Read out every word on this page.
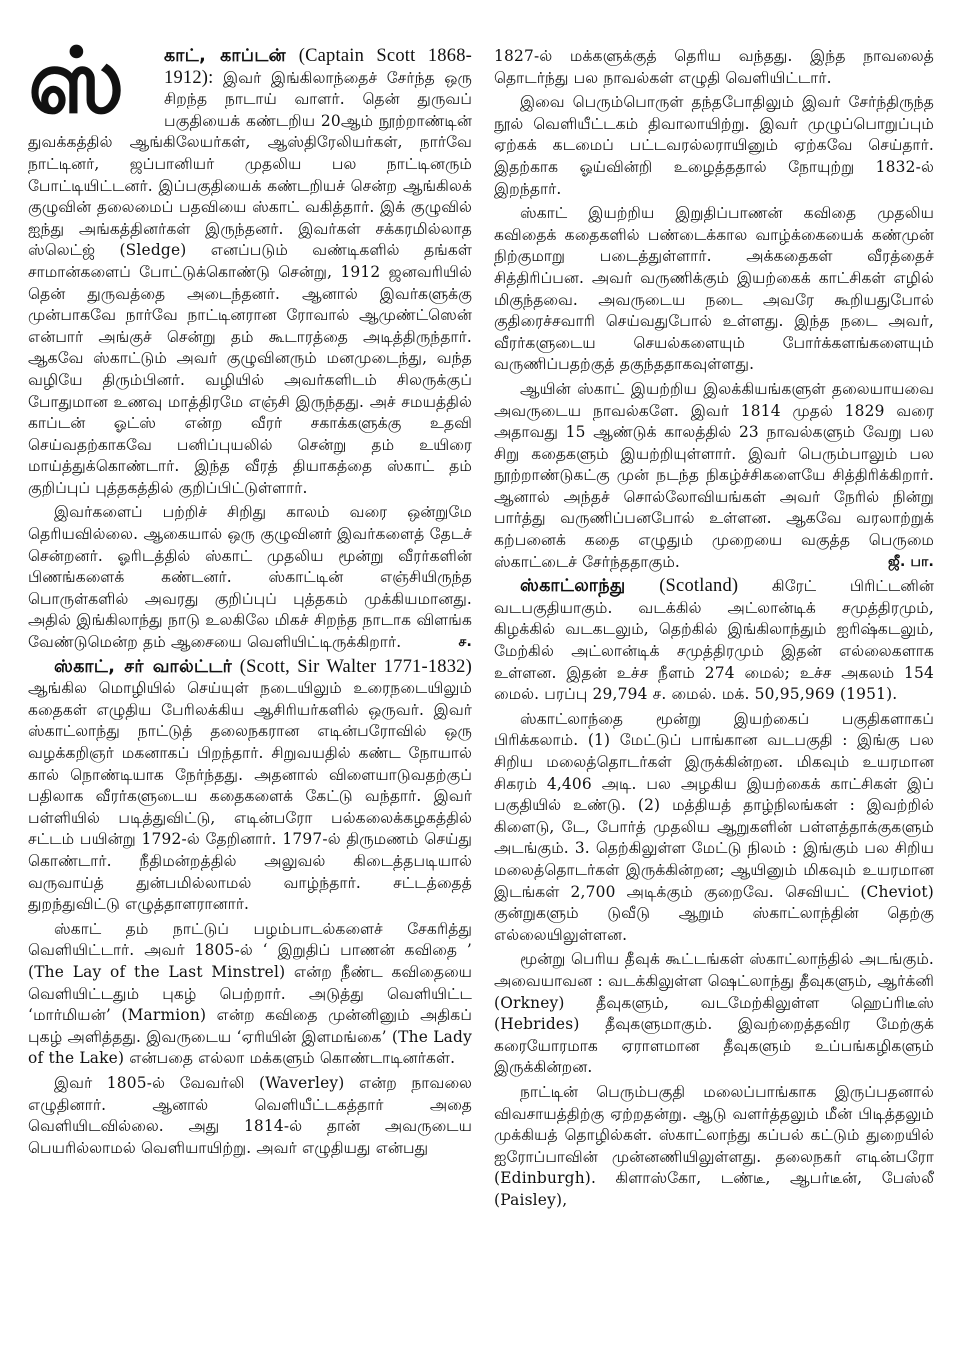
ஸ்	காட், காப்டன் (Captain Scott 1868-1912): இவர் இங்கிலாந்தைச் சேர்ந்த ஒரு சிறந்த நாடாய் வாளர். தென் துருவப் பகுதியைக் கண்டறிய 20ஆம் நூற்றாண்டின் துவக்கத்தில் ஆங்கிலேயர்கள், ஆஸ்திரேலியர்கள், நார்வே நாட்டினர், ஜப்பானியர் முதலிய பல நாட்டினரும் போட்டியிட்டனர். இப்பகுதியைக் கண்டறியச் சென்ற ஆங்கிலக் குழுவின் தலைமைப் பதவியை ஸ்காட் வகித்தார். இக் குழுவில் ஐந்து அங்கத்தினர்கள் இருந்தனர். இவர்கள் சக்கரமில்லாத ஸ்லெட்ஜ் (Sledge) எனப்படும் வண்டிகளில் தங்கள் சாமான்களைப் போட்டுக்கொண்டு சென்று, 1912 ஜனவரியில் தென் துருவத்தை அடைந்தனர். ஆனால் இவர்களுக்கு முன்பாகவே நார்வே நாட்டினரான ரோவால் ஆமுண்ட்ஸென் என்பார் அங்குச் சென்று தம் கூடாரத்தை அடித்திருந்தார். ஆகவே ஸ்காட்டும் அவர் குழுவினரும் மனமுடைந்து, வந்த வழியே திரும்பினர். வழியில் அவர்களிடம் சிலருக்குப் போதுமான உணவு மாத்திரமே எஞ்சி இருந்தது. அச் சமயத்தில் காப்டன் ஓட்ஸ் என்ற வீரர் சகாக்களுக்கு உதவி செய்வதற்காகவே பனிப்புயலில் சென்று தம் உயிரை மாய்த்துக்கொண்டார். இந்த வீரத் தியாகத்தை ஸ்காட் தம் குறிப்புப் புத்தகத்தில் குறிப்பிட்டுள்ளார்.

இவர்களைப் பற்றிச் சிறிது காலம் வரை ஒன்றுமே தெரியவில்லை. ஆகையால் ஒரு குழுவினர் இவர்களைத் தேடச் சென்றனர். ஓரிடத்தில் ஸ்காட் முதலிய மூன்று வீரர்களின் பிணங்களைக் கண்டனர். ஸ்காட்டின் எஞ்சியிருந்த பொருள்களில் அவரது குறிப்புப் புத்தகம் முக்கியமானது. அதில் இங்கிலாந்து நாடு உலகிலே மிகச் சிறந்த நாடாக விளங்க வேண்டுமென்ற தம் ஆசையை வெளியிட்டிருக்கிறார்.	ச.

ஸ்காட், சர் வால்ட்டர் (Scott, Sir Walter 1771-1832) ஆங்கில மொழியில் செய்யுள் நடையிலும் உரைநடையிலும் கதைகள் எழுதிய பேரிலக்கிய ஆசிரியர்களில் ஒருவர். இவர் ஸ்காட்லாந்து நாட்டுத் தலைநகரான எடின்பரோவில் ஒரு வழக்கறிஞர் மகனாகப் பிறந்தார். சிறுவயதில் கண்ட நோயால் கால் நொண்டியாக நேர்ந்தது. அதனால் விளையாடுவதற்குப் பதிலாக வீரர்களுடைய கதைகளைக் கேட்டு வந்தார். இவர் பள்ளியில் படித்துவிட்டு, எடின்பரோ பல்கலைக்கழகத்தில் சட்டம் பயின்று 1792-ல் தேறினார். 1797-ல் திருமணம் செய்து கொண்டார். நீதிமன்றத்தில் அலுவல் கிடைத்தபடியால் வருவாய்த் துன்பமில்லாமல் வாழ்ந்தார். சட்டத்தைத் துறந்துவிட்டு எழுத்தாளரானார்.

ஸ்காட் தம் நாட்டுப் பழம்பாடல்களைச் சேகரித்து வெளியிட்டார். அவர் 1805-ல் ‘ இறுதிப் பாணன் கவிதை ’ (The Lay of the Last Minstrel) என்ற நீண்ட கவிதையை வெளியிட்டதும் புகழ் பெற்றார். அடுத்து வெளியிட்ட ‘மார்மியன்’ (Marmion) என்ற கவிதை முன்னினும் அதிகப் புகழ் அளித்தது. இவருடைய ‘ஏரியின் இளமங்கை’ (The Lady of the Lake) என்பதை எல்லா மக்களும் கொண்டாடினர்கள்.

இவர் 1805-ல் வேவர்லி (Waverley) என்ற நாவலை எழுதினார். ஆனால் வெளியீட்டகத்தார் அதை வெளியிடவில்லை. அது 1814-ல் தான் அவருடைய பெயரில்லாமல் வெளியாயிற்று. அவர் எழுதியது என்பது

1827-ல் மக்களுக்குத் தெரிய வந்தது. இந்த நாவலைத் தொடர்ந்து பல நாவல்கள் எழுதி வெளியிட்டார்.

இவை பெரும்பொருள் தந்தபோதிலும் இவர் சேர்ந்திருந்த நூல் வெளியீட்டகம் திவாலாயிற்று. இவர் முழுப்பொறுப்பும் ஏற்கக் கடமைப் பட்டவரல்லராயினும் ஏற்கவே செய்தார். இதற்காக ஓய்வின்றி உழைத்ததால் நோயுற்று 1832-ல் இறந்தார்.

ஸ்காட் இயற்றிய இறுதிப்பாணன் கவிதை முதலிய கவிதைக் கதைகளில் பண்டைக்கால வாழ்க்கையைக் கண்முன் நிற்குமாறு படைத்துள்ளார். அக்கதைகள் வீரத்தைச் சித்திரிப்பன. அவர் வருணிக்கும் இயற்கைக் காட்சிகள் எழில் மிகுந்தவை. அவருடைய நடை அவரே கூறியதுபோல் குதிரைச்சவாரி செய்வதுபோல் உள்ளது. இந்த நடை அவர், வீரர்களுடைய செயல்களையும் போர்க்களங்களையும் வருணிப்பதற்குத் தகுந்ததாகவுள்ளது.

ஆயின் ஸ்காட் இயற்றிய இலக்கியங்களுள் தலையாயவை அவருடைய நாவல்களே. இவர் 1814 முதல் 1829 வரை அதாவது 15 ஆண்டுக் காலத்தில் 23 நாவல்களும் வேறு பல சிறு கதைகளும் இயற்றியுள்ளார். இவர் பெரும்பாலும் பல நூற்றாண்டுகட்கு முன் நடந்த நிகழ்ச்சிகளையே சித்திரிக்கிறார். ஆனால் அந்தச் சொல்லோவியங்கள் அவர் நேரில் நின்று பார்த்து வருணிப்பனபோல் உள்ளன. ஆகவே வரலாற்றுக் கற்பனைக் கதை எழுதும் முறையை வகுத்த பெருமை ஸ்காட்டைச் சேர்ந்ததாகும்.	ஜீ. பா.

ஸ்காட்லாந்து (Scotland) கிரேட் பிரிட்டனின் வடபகுதியாகும். வடக்கில் அட்லான்டிக் சமுத்திரமும், கிழக்கில் வடகடலும், தெற்கில் இங்கிலாந்தும் ஐரிஷ்கடலும், மேற்கில் அட்லான்டிக் சமுத்திரமும் இதன் எல்லைகளாக உள்ளன. இதன் உச்ச நீளம் 274 மைல்; உச்ச அகலம் 154 மைல். பரப்பு 29,794 ச. மைல். மக். 50,95,969 (1951).

ஸ்காட்லாந்தை மூன்று இயற்கைப் பகுதிகளாகப் பிரிக்கலாம். (1) மேட்டுப் பாங்கான வடபகுதி : இங்கு பல சிறிய மலைத்தொடர்கள் இருக்கின்றன. மிகவும் உயரமான சிகரம் 4,406 அடி. பல அழகிய இயற்கைக் காட்சிகள் இப் பகுதியில் உண்டு. (2) மத்தியத் தாழ்நிலங்கள் : இவற்றில் கிளைடு, டே, போர்த் முதலிய ஆறுகளின் பள்ளத்தாக்குகளும் அடங்கும். 3. தெற்கிலுள்ள மேட்டு நிலம் : இங்கும் பல சிறிய மலைத்தொடர்கள் இருக்கின்றன; ஆயினும் மிகவும் உயரமான இடங்கள் 2,700 அடிக்கும் குறைவே. செவியட் (Cheviot) குன்றுகளும் டுவீடு ஆறும் ஸ்காட்லாந்தின் தெற்கு எல்லையிலுள்ளன.

மூன்று பெரிய தீவுக் கூட்டங்கள் ஸ்காட்லாந்தில் அடங்கும். அவையாவன : வடக்கிலுள்ள ஷெட்லாந்து தீவுகளும், ஆர்க்னி (Orkney) தீவுகளும், வடமேற்கிலுள்ள ஹெப்ரிடீஸ் (Hebrides) தீவுகளுமாகும். இவற்றைத்தவிர மேற்குக் கரையோரமாக ஏராளமான தீவுகளும் உப்பங்கழிகளும் இருக்கின்றன.

நாட்டின் பெரும்பகுதி மலைப்பாங்காக இருப்பதனால் விவசாயத்திற்கு ஏற்றதன்று. ஆடு வளர்த்தலும் மீன் பிடித்தலும் முக்கியத் தொழில்கள். ஸ்காட்லாந்து கப்பல் கட்டும் துறையில் ஐரோப்பாவின் முன்னணியிலுள்ளது. தலைநகர் எடின்பரோ (Edinburgh). கிளாஸ்கோ, டண்டீ, ஆபர்டீன், பேஸ்லீ (Paisley),
